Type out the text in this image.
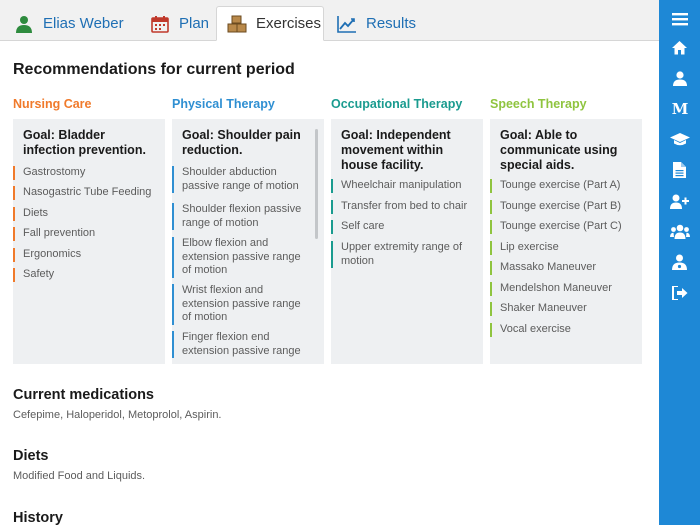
Elias Weber	Plan	Exercises	Results
Recommendations for current period
Nursing Care
Goal: Bladder infection prevention.
Gastrostomy
Nasogastric Tube Feeding
Diets
Fall prevention
Ergonomics
Safety
Physical Therapy
Goal: Shoulder pain reduction.
Shoulder abduction passive range of motion
Shoulder flexion passive range of motion
Elbow flexion and extension passive range of motion
Wrist flexion and extension passive range of motion
Finger flexion end extension passive range
Occupational Therapy
Goal: Independent movement within house facility.
Wheelchair manipulation
Transfer from bed to chair
Self care
Upper extremity range of motion
Speech Therapy
Goal: Able to communicate using special aids.
Tounge exercise (Part A)
Tounge exercise (Part B)
Tounge exercise (Part C)
Lip exercise
Massako Maneuver
Mendelshon Maneuver
Shaker Maneuver
Vocal exercise
Current medications
Cefepime, Haloperidol, Metoprolol, Aspirin.
Diets
Modified Food and Liquids.
History
M
